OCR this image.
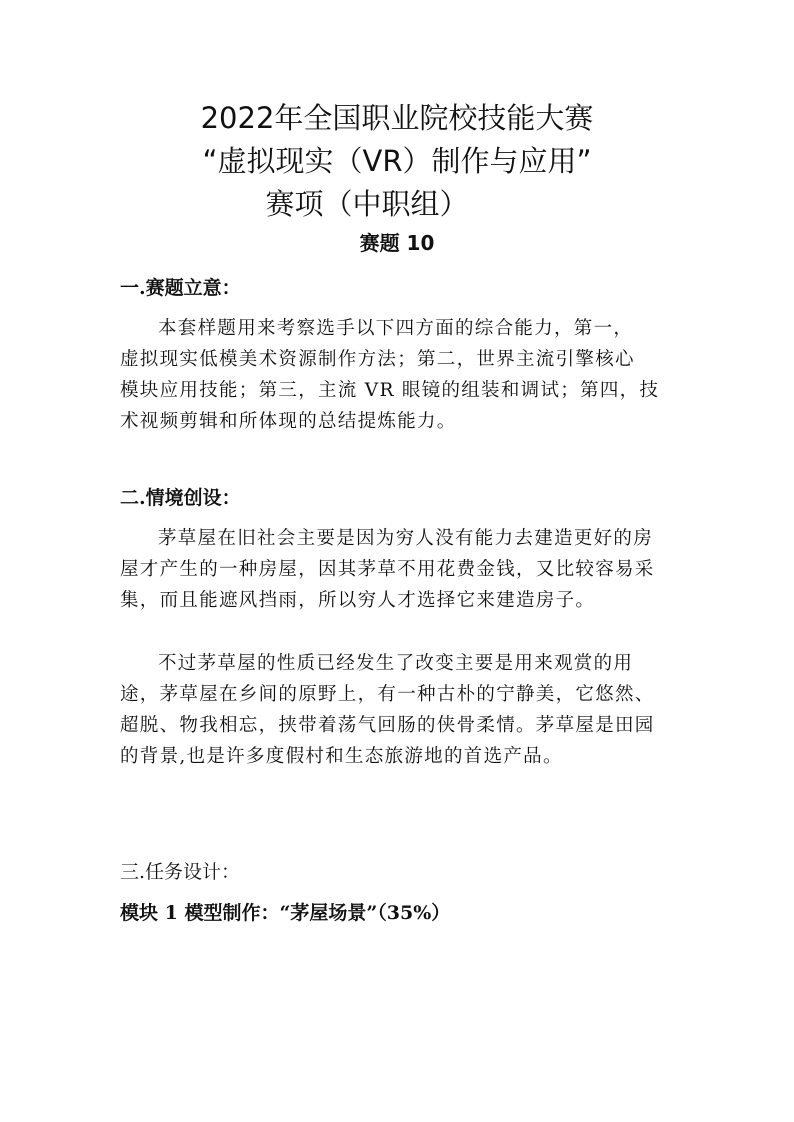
2022年全国职业院校技能大赛
“虚拟现实（VR）制作与应用”
赛项（中职组）
赛题 10
一.赛题立意：
本套样题用来考察选手以下四方面的综合能力，第一，
虚拟现实低模美术资源制作方法；第二，世界主流引擎核心
模块应用技能；第三，主流 VR 眼镜的组装和调试；第四，技
术视频剪辑和所体现的总结提炼能力。
二.情境创设：
茅草屋在旧社会主要是因为穷人没有能力去建造更好的房
屋才产生的一种房屋，因其茅草不用花费金钱，又比较容易采
集，而且能遮风挡雨，所以穷人才选择它来建造房子。
不过茅草屋的性质已经发生了改变主要是用来观赏的用
途，茅草屋在乡间的原野上，有一种古朴的宁静美，它悠然、
超脱、物我相忘，挟带着荡气回肠的侠骨柔情。茅草屋是田园
的背景,也是许多度假村和生态旅游地的首选产品。
三.任务设计：
模块 1 模型制作：“茅屋场景”（35%）
